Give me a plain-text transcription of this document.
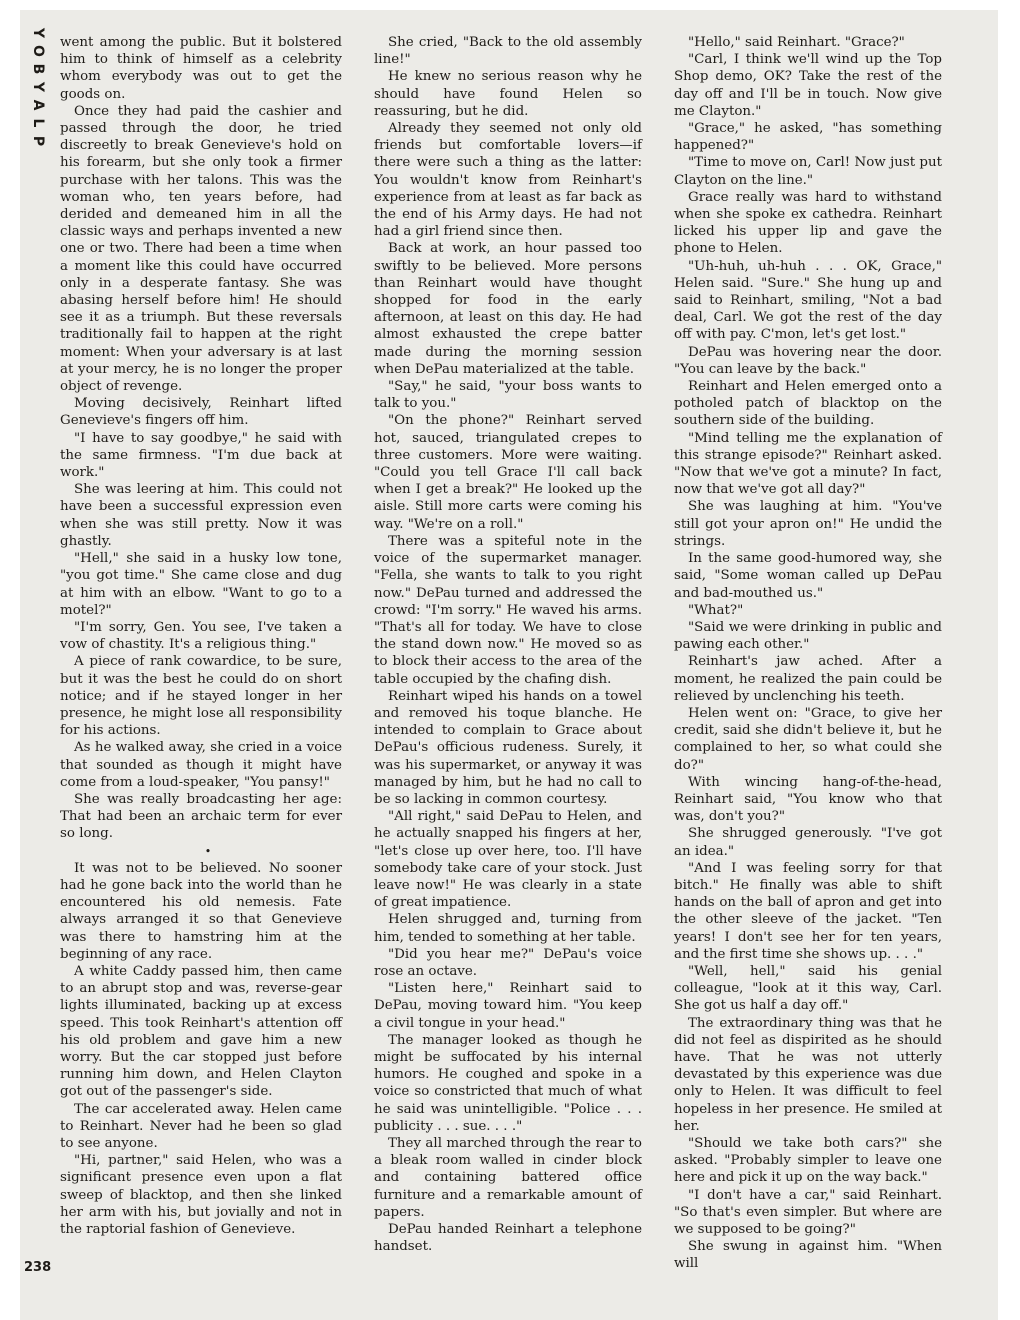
Y
O
B
Y
A
L
P

went among the public. But it bolstered him to think of himself as a celebrity whom everybody was out to get the goods on.

Once they had paid the cashier and passed through the door, he tried discreetly to break Genevieve's hold on his forearm, but she only took a firmer purchase with her talons. This was the woman who, ten years before, had derided and demeaned him in all the classic ways and perhaps invented a new one or two. There had been a time when a moment like this could have occurred only in a desperate fantasy. She was abasing herself before him! He should see it as a triumph. But these reversals traditionally fail to happen at the right moment: When your adversary is at last at your mercy, he is no longer the proper object of revenge.

Moving decisively, Reinhart lifted Genevieve's fingers off him.

"I have to say goodbye," he said with the same firmness. "I'm due back at work."

She was leering at him. This could not have been a successful expression even when she was still pretty. Now it was ghastly.

"Hell," she said in a husky low tone, "you got time." She came close and dug at him with an elbow. "Want to go to a motel?"

"I'm sorry, Gen. You see, I've taken a vow of chastity. It's a religious thing."

A piece of rank cowardice, to be sure, but it was the best he could do on short notice; and if he stayed longer in her presence, he might lose all responsibility for his actions.

As he walked away, she cried in a voice that sounded as though it might have come from a loud-speaker, "You pansy!"

She was really broadcasting her age: That had been an archaic term for ever so long.

•

It was not to be believed. No sooner had he gone back into the world than he encountered his old nemesis. Fate always arranged it so that Genevieve was there to hamstring him at the beginning of any race.

A white Caddy passed him, then came to an abrupt stop and was, reverse-gear lights illuminated, backing up at excess speed. This took Reinhart's attention off his old problem and gave him a new worry. But the car stopped just before running him down, and Helen Clayton got out of the passenger's side.

The car accelerated away. Helen came to Reinhart. Never had he been so glad to see anyone.

"Hi, partner," said Helen, who was a significant presence even upon a flat sweep of blacktop, and then she linked her arm with his, but jovially and not in the raptorial fashion of Genevieve.

She cried, "Back to the old assembly line!"

He knew no serious reason why he should have found Helen so reassuring, but he did.

Already they seemed not only old friends but comfortable lovers—if there were such a thing as the latter: You wouldn't know from Reinhart's experience from at least as far back as the end of his Army days. He had not had a girl friend since then.

Back at work, an hour passed too swiftly to be believed. More persons than Reinhart would have thought shopped for food in the early afternoon, at least on this day. He had almost exhausted the crepe batter made during the morning session when DePau materialized at the table.

"Say," he said, "your boss wants to talk to you."

"On the phone?" Reinhart served hot, sauced, triangulated crepes to three customers. More were waiting. "Could you tell Grace I'll call back when I get a break?" He looked up the aisle. Still more carts were coming his way. "We're on a roll."

There was a spiteful note in the voice of the supermarket manager. "Fella, she wants to talk to you right now." DePau turned and addressed the crowd: "I'm sorry." He waved his arms. "That's all for today. We have to close the stand down now." He moved so as to block their access to the area of the table occupied by the chafing dish.

Reinhart wiped his hands on a towel and removed his toque blanche. He intended to complain to Grace about DePau's officious rudeness. Surely, it was his supermarket, or anyway it was managed by him, but he had no call to be so lacking in common courtesy.

"All right," said DePau to Helen, and he actually snapped his fingers at her, "let's close up over here, too. I'll have somebody take care of your stock. Just leave now!" He was clearly in a state of great impatience.

Helen shrugged and, turning from him, tended to something at her table.

"Did you hear me?" DePau's voice rose an octave.

"Listen here," Reinhart said to DePau, moving toward him. "You keep a civil tongue in your head."

The manager looked as though he might be suffocated by his internal humors. He coughed and spoke in a voice so constricted that much of what he said was unintelligible. "Police . . . publicity . . . sue. . . ."

They all marched through the rear to a bleak room walled in cinder block and containing battered office furniture and a remarkable amount of papers.

DePau handed Reinhart a telephone handset.

"Hello," said Reinhart. "Grace?"

"Carl, I think we'll wind up the Top Shop demo, OK? Take the rest of the day off and I'll be in touch. Now give me Clayton."

"Grace," he asked, "has something happened?"

"Time to move on, Carl! Now just put Clayton on the line."

Grace really was hard to withstand when she spoke ex cathedra. Reinhart licked his upper lip and gave the phone to Helen.

"Uh-huh, uh-huh . . . OK, Grace," Helen said. "Sure." She hung up and said to Reinhart, smiling, "Not a bad deal, Carl. We got the rest of the day off with pay. C'mon, let's get lost."

DePau was hovering near the door. "You can leave by the back."

Reinhart and Helen emerged onto a potholed patch of blacktop on the southern side of the building.

"Mind telling me the explanation of this strange episode?" Reinhart asked. "Now that we've got a minute? In fact, now that we've got all day?"

She was laughing at him. "You've still got your apron on!" He undid the strings.

In the same good-humored way, she said, "Some woman called up DePau and bad-mouthed us."

"What?"

"Said we were drinking in public and pawing each other."

Reinhart's jaw ached. After a moment, he realized the pain could be relieved by unclenching his teeth.

Helen went on: "Grace, to give her credit, said she didn't believe it, but he complained to her, so what could she do?"

With wincing hang-of-the-head, Reinhart said, "You know who that was, don't you?"

She shrugged generously. "I've got an idea."

"And I was feeling sorry for that bitch." He finally was able to shift hands on the ball of apron and get into the other sleeve of the jacket. "Ten years! I don't see her for ten years, and the first time she shows up. . . ."

"Well, hell," said his genial colleague, "look at it this way, Carl. She got us half a day off."

The extraordinary thing was that he did not feel as dispirited as he should have. That he was not utterly devastated by this experience was due only to Helen. It was difficult to feel hopeless in her presence. He smiled at her.

"Should we take both cars?" she asked. "Probably simpler to leave one here and pick it up on the way back."

"I don't have a car," said Reinhart. "So that's even simpler. But where are we supposed to be going?"

She swung in against him. "When will

238
